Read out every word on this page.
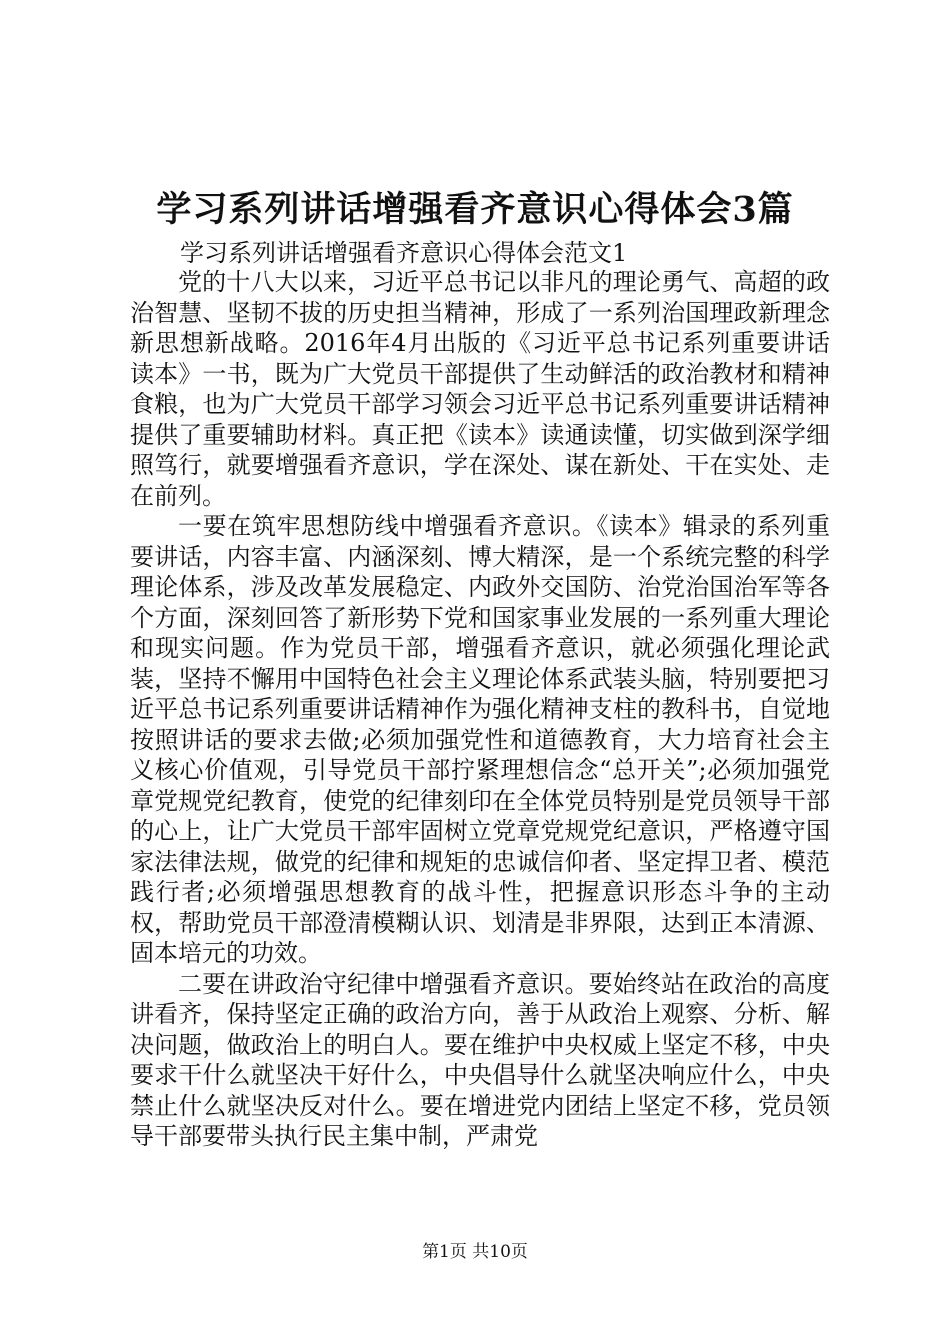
学习系列讲话增强看齐意识心得体会3篇

学习系列讲话增强看齐意识心得体会范文1

党的十八大以来，习近平总书记以非凡的理论勇气、高超的政治智慧、坚韧不拔的历史担当精神，形成了一系列治国理政新理念新思想新战略。2016年4月出版的《习近平总书记系列重要讲话读本》一书，既为广大党员干部提供了生动鲜活的政治教材和精神食粮，也为广大党员干部学习领会习近平总书记系列重要讲话精神提供了重要辅助材料。真正把《读本》读通读懂，切实做到深学细照笃行，就要增强看齐意识，学在深处、谋在新处、干在实处、走在前列。

一要在筑牢思想防线中增强看齐意识。《读本》辑录的系列重要讲话，内容丰富、内涵深刻、博大精深，是一个系统完整的科学理论体系，涉及改革发展稳定、内政外交国防、治党治国治军等各个方面，深刻回答了新形势下党和国家事业发展的一系列重大理论和现实问题。作为党员干部，增强看齐意识，就必须强化理论武装，坚持不懈用中国特色社会主义理论体系武装头脑，特别要把习近平总书记系列重要讲话精神作为强化精神支柱的教科书，自觉地按照讲话的要求去做;必须加强党性和道德教育，大力培育社会主义核心价值观，引导党员干部拧紧理想信念“总开关”;必须加强党章党规党纪教育，使党的纪律刻印在全体党员特别是党员领导干部的心上，让广大党员干部牢固树立党章党规党纪意识，严格遵守国家法律法规，做党的纪律和规矩的忠诚信仰者、坚定捍卫者、模范践行者;必须增强思想教育的战斗性，把握意识形态斗争的主动权，帮助党员干部澄清模糊认识、划清是非界限，达到正本清源、固本培元的功效。

二要在讲政治守纪律中增强看齐意识。要始终站在政治的高度讲看齐，保持坚定正确的政治方向，善于从政治上观察、分析、解决问题，做政治上的明白人。要在维护中央权威上坚定不移，中央要求干什么就坚决干好什么，中央倡导什么就坚决响应什么，中央禁止什么就坚决反对什么。要在增进党内团结上坚定不移，党员领导干部要带头执行民主集中制，严肃党

第1页 共10页
